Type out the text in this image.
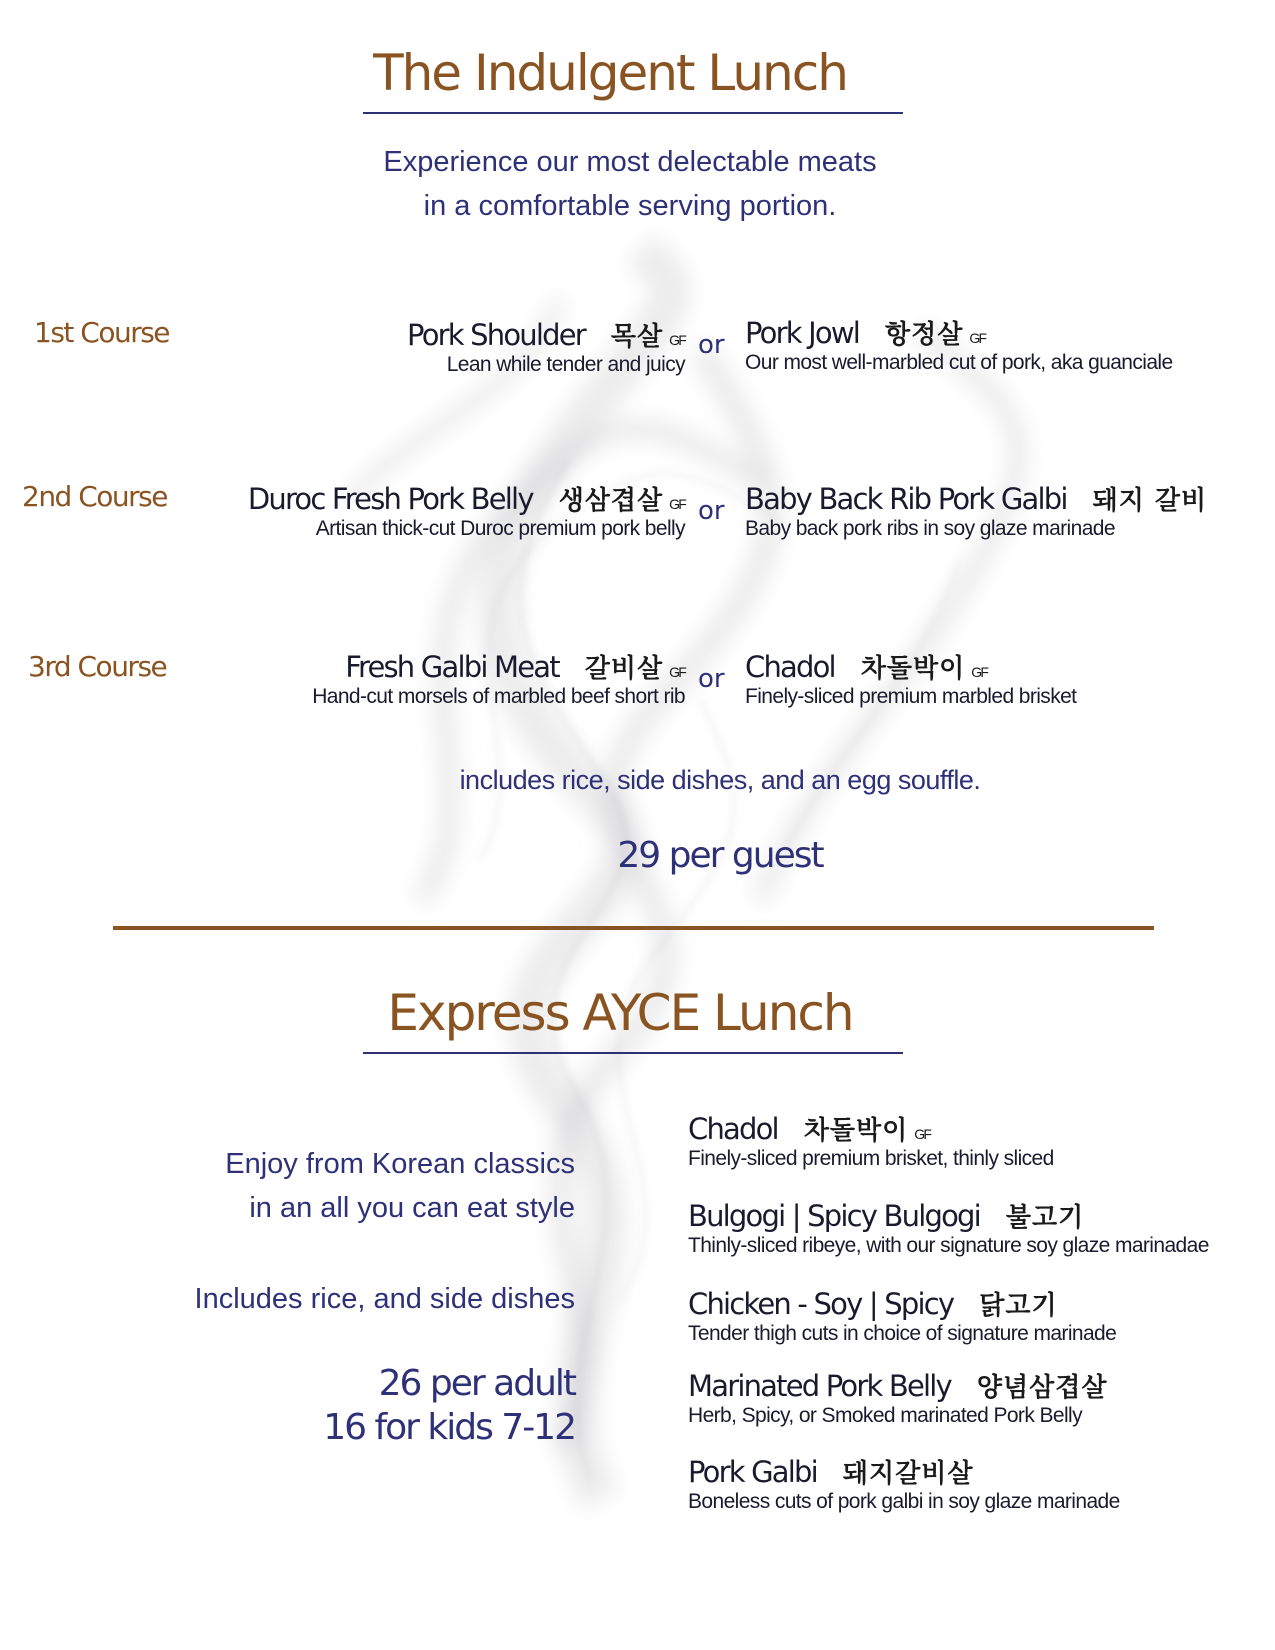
The Indulgent Lunch
Experience our most delectable meats
in a comfortable serving portion.
1st Course	Pork Shoulder 목살 GF
Lean while tender and juicy
or Pork Jowl 항정살 GF
Our most well-marbled cut of pork, aka guanciale
2nd Course	Duroc Fresh Pork Belly 생삼겹살 GF
Artisan thick-cut Duroc premium pork belly
or Baby Back Rib Pork Galbi 돼지 갈비
Baby back pork ribs in soy glaze marinade
3rd Course	Fresh Galbi Meat 갈비살 GF
Hand-cut morsels of marbled beef short rib
or Chadol 차돌박이 GF
Finely-sliced premium marbled brisket
includes rice, side dishes, and an egg souffle.
29 per guest
Express AYCE Lunch
Enjoy from Korean classics
in an all you can eat style
Includes rice, and side dishes
26 per adult
16 for kids 7-12
Chadol 차돌박이 GF
Finely-sliced premium brisket, thinly sliced
Bulgogi | Spicy Bulgogi 불고기
Thinly-sliced ribeye, with our signature soy glaze marinadae
Chicken - Soy | Spicy 닭고기
Tender thigh cuts in choice of signature marinade
Marinated Pork Belly 양념삼겹살
Herb, Spicy, or Smoked marinated Pork Belly
Pork Galbi 돼지갈비살
Boneless cuts of pork galbi in soy glaze marinade
